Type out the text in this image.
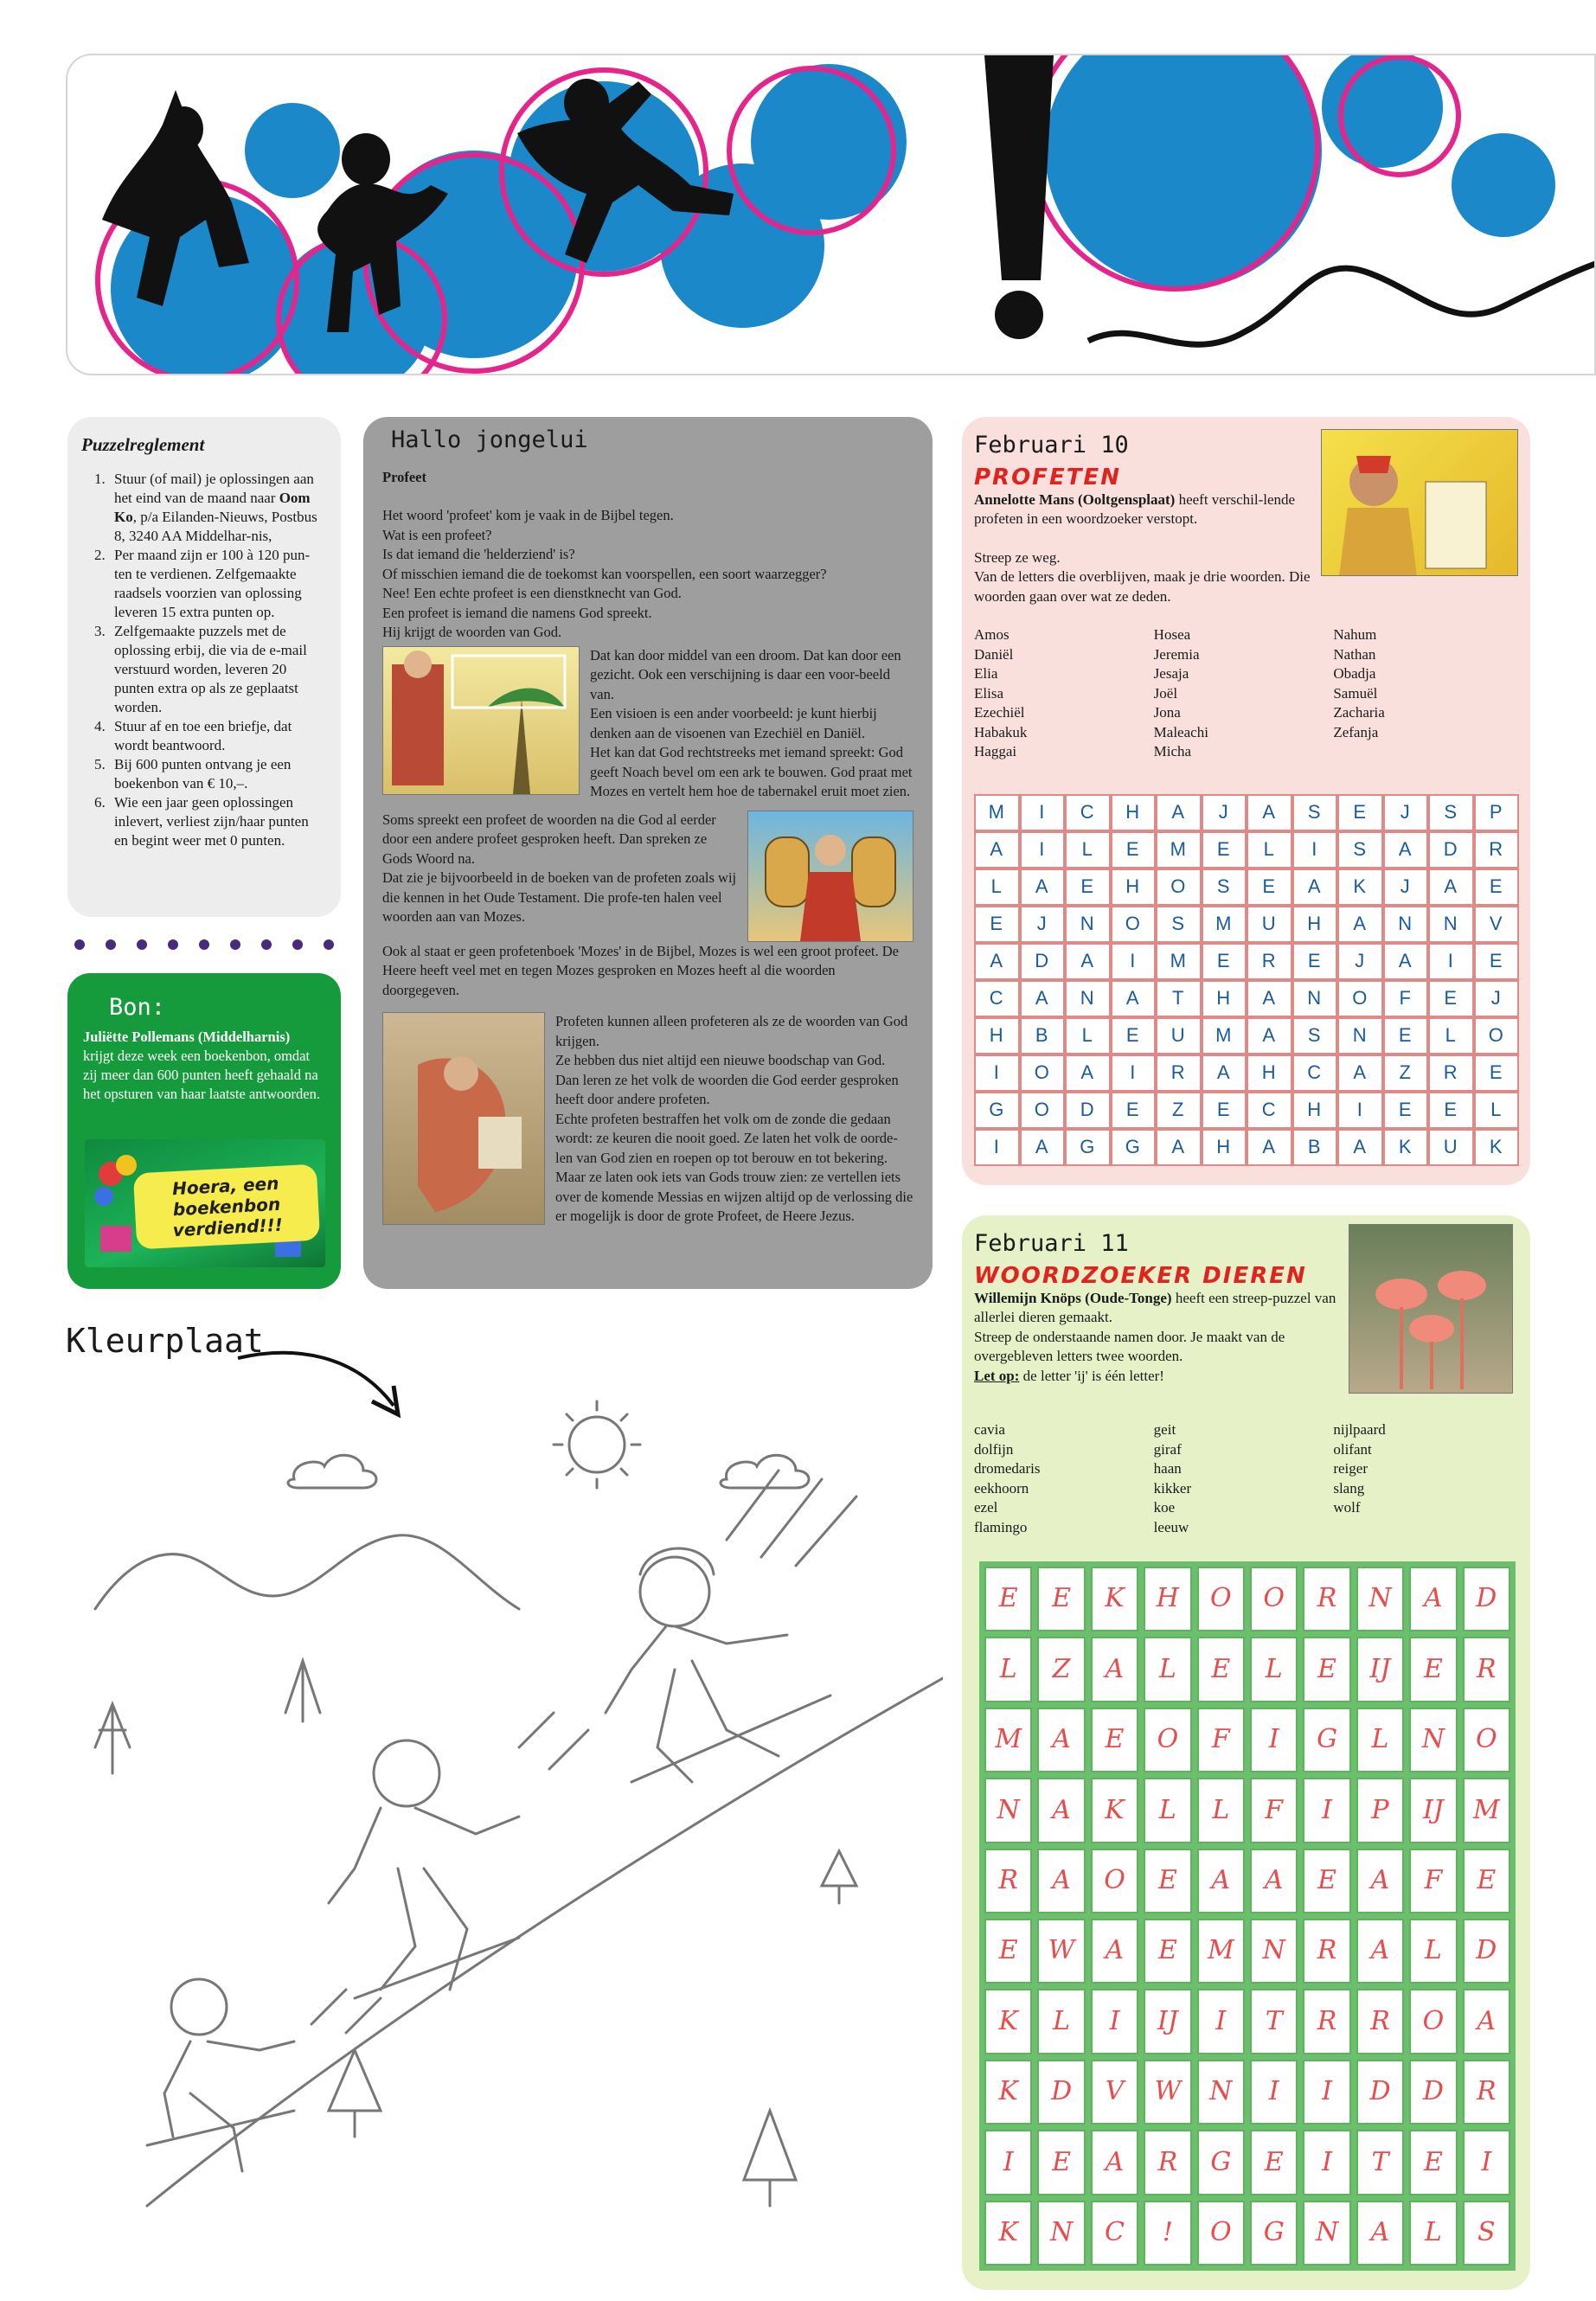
Puzzelreglement
1. Stuur (of mail) je oplossingen aan het eind van de maand naar Oom Ko, p/a Eilanden-Nieuws, Postbus 8, 3240 AA Middelhar-nis,
2. Per maand zijn er 100 à 120 pun-ten te verdienen. Zelfgemaakte raadsels voorzien van oplossing leveren 15 extra punten op.
3. Zelfgemaakte puzzels met de oplossing erbij, die via de e-mail verstuurd worden, leveren 20 punten extra op als ze geplaatst worden.
4. Stuur af en toe een briefje, dat wordt beantwoord.
5. Bij 600 punten ontvang je een boekenbon van € 10,–.
6. Wie een jaar geen oplossingen inlevert, verliest zijn/haar punten en begint weer met 0 punten.
Bon:

Juliëtte Pollemans (Middelharnis)
krijgt deze week een boekenbon, omdat zij meer dan 600 punten heeft gehaald na het opsturen van haar laatste antwoorden.

Hoera, een boekenbon verdiend!!!
Hallo jongelui

Profeet

Het woord 'profeet' kom je vaak in de Bijbel tegen.

Wat is een profeet?

Is dat iemand die 'helderziend' is?

Of misschien iemand die de toekomst kan voorspellen, een soort waarzegger?

Nee! Een echte profeet is een dienstknecht van God.

Een profeet is iemand die namens God spreekt.

Hij krijgt de woorden van God.

Dat kan door middel van een droom. Dat kan door een gezicht. Ook een verschijning is daar een voor-beeld van.

Een visioen is een ander voorbeeld: je kunt hierbij denken aan de visoenen van Ezechiël en Daniël.

Het kan dat God rechtstreeks met iemand spreekt: God geeft Noach bevel om een ark te bouwen. God praat met Mozes en vertelt hem hoe de tabernakel eruit moet zien.

Soms spreekt een profeet de woorden na die God al eerder door een andere profeet gesproken heeft. Dan spreken ze Gods Woord na.

Dat zie je bijvoorbeeld in de boeken van de profeten zoals wij die kennen in het Oude Testament. Die profe-ten halen veel woorden aan van Mozes.

Ook al staat er geen profetenboek 'Mozes' in de Bijbel, Mozes is wel een groot profeet. De Heere heeft veel met en tegen Mozes gesproken en Mozes heeft al die woorden doorgegeven.

Profeten kunnen alleen profeteren als ze de woorden van God krijgen.

Ze hebben dus niet altijd een nieuwe boodschap van God.

Dan leren ze het volk de woorden die God eerder gesproken heeft door andere profeten.

Echte profeten bestraffen het volk om de zonde die gedaan wordt: ze keuren die nooit goed. Ze laten het volk de oorde-len van God zien en roepen op tot berouw en tot bekering.

Maar ze laten ook iets van Gods trouw zien: ze vertellen iets over de komende Messias en wijzen altijd op de verlossing die er mogelijk is door de grote Profeet, de Heere Jezus.

Februari 10

PROFETEN

Annelotte Mans (Ooltgensplaat) heeft verschil-lende profeten in een woordzoeker verstopt.

Streep ze weg.

Van de letters die overblijven, maak je drie woorden. Die woorden gaan over wat ze deden.

Amos
Daniël
Elia
Elisa
Ezechiël
Habakuk
Haggai
Hosea
Jeremia
Jesaja
Joël
Jona
Maleachi
Micha
Nahum
Nathan
Obadja
Samuël
Zacharia
Zefanja
M	I	C	H	A	J	A	S	E	J	S	P
A	I	L	E	M	E	L	I	S	A	D	R
L	A	E	H	O	S	E	A	K	J	A	E
E	J	N	O	S	M	U	H	A	N	N	V
A	D	A	I	M	E	R	E	J	A	I	E
C	A	N	A	T	H	A	N	O	F	E	J
H	B	L	E	U	M	A	S	N	E	L	O
I	O	A	I	R	A	H	C	A	Z	R	E
G	O	D	E	Z	E	C	H	I	E	E	L
I	A	G	G	A	H	A	B	A	K	U	K
Februari 11

WOORDZOEKER DIEREN

Willemijn Knöps (Oude-Tonge) heeft een streep-puzzel van allerlei dieren gemaakt.

Streep de onderstaande namen door. Je maakt van de overgebleven letters twee woorden.

Let op: de letter 'ij' is één letter!

cavia
dolfijn
dromedaris
eekhoorn
ezel
flamingo
geit
giraf
haan
kikker
koe
leeuw
nijlpaard
olifant
reiger
slang
wolf
E	E	K	H	O	O	R	N	A	D
L	Z	A	L	E	L	E	IJ	E	R
M	A	E	O	F	I	G	L	N	O
N	A	K	L	L	F	I	P	IJ	M
R	A	O	E	A	A	E	A	F	E
E	W	A	E	M	N	R	A	L	D
K	L	I	IJ	I	T	R	R	O	A
K	D	V	W	N	I	I	D	D	R
I	E	A	R	G	E	I	T	E	I
K	N	C	!	O	G	N	A	L	S
Kleurplaat
